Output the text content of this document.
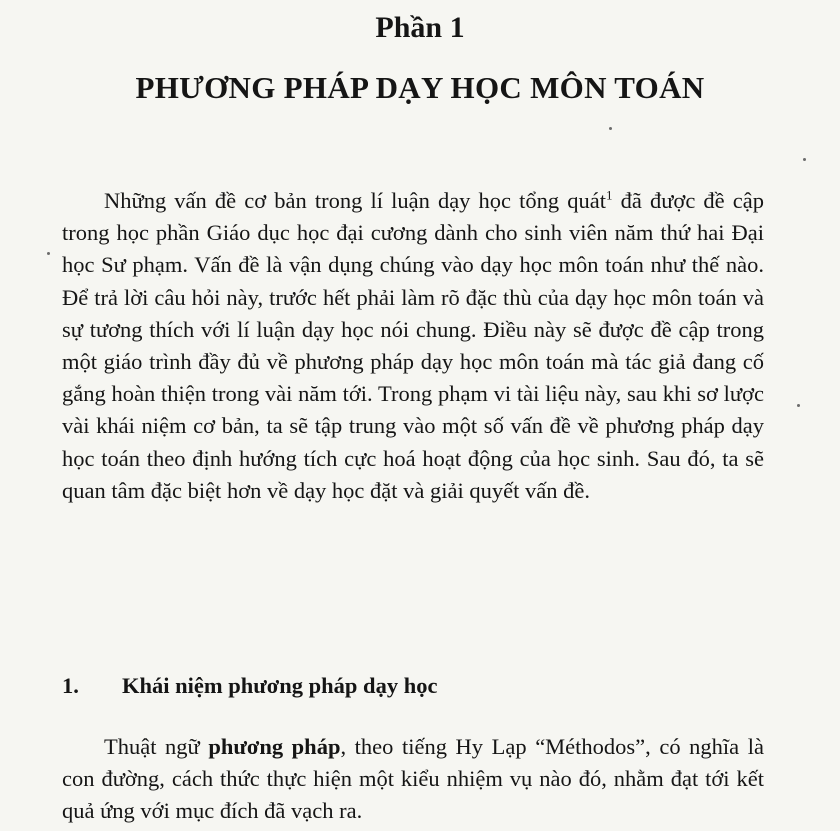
Phần 1
PHƯƠNG PHÁP DẠY HỌC MÔN TOÁN

Những vấn đề cơ bản trong lí luận dạy học tổng quát$^1$ đã được đề cập trong học phần Giáo dục học đại cương dành cho sinh viên năm thứ hai Đại học Sư phạm. Vấn đề là vận dụng chúng vào dạy học môn toán như thế nào. Để trả lời câu hỏi này, trước hết phải làm rõ đặc thù của dạy học môn toán và sự tương thích với lí luận dạy học nói chung. Điều này sẽ được đề cập trong một giáo trình đầy đủ về phương pháp dạy học môn toán mà tác giả đang cố gắng hoàn thiện trong vài năm tới. Trong phạm vi tài liệu này, sau khi sơ lược vài khái niệm cơ bản, ta sẽ tập trung vào một số vấn đề về phương pháp dạy học toán theo định hướng tích cực hoá hoạt động của học sinh. Sau đó, ta sẽ quan tâm đặc biệt hơn về dạy học đặt và giải quyết vấn đề.

1. Khái niệm phương pháp dạy học

Thuật ngữ phương pháp, theo tiếng Hy Lạp “Méthodos”, có nghĩa là con đường, cách thức thực hiện một kiểu nhiệm vụ nào đó, nhằm đạt tới kết quả ứng với mục đích đã vạch ra.
